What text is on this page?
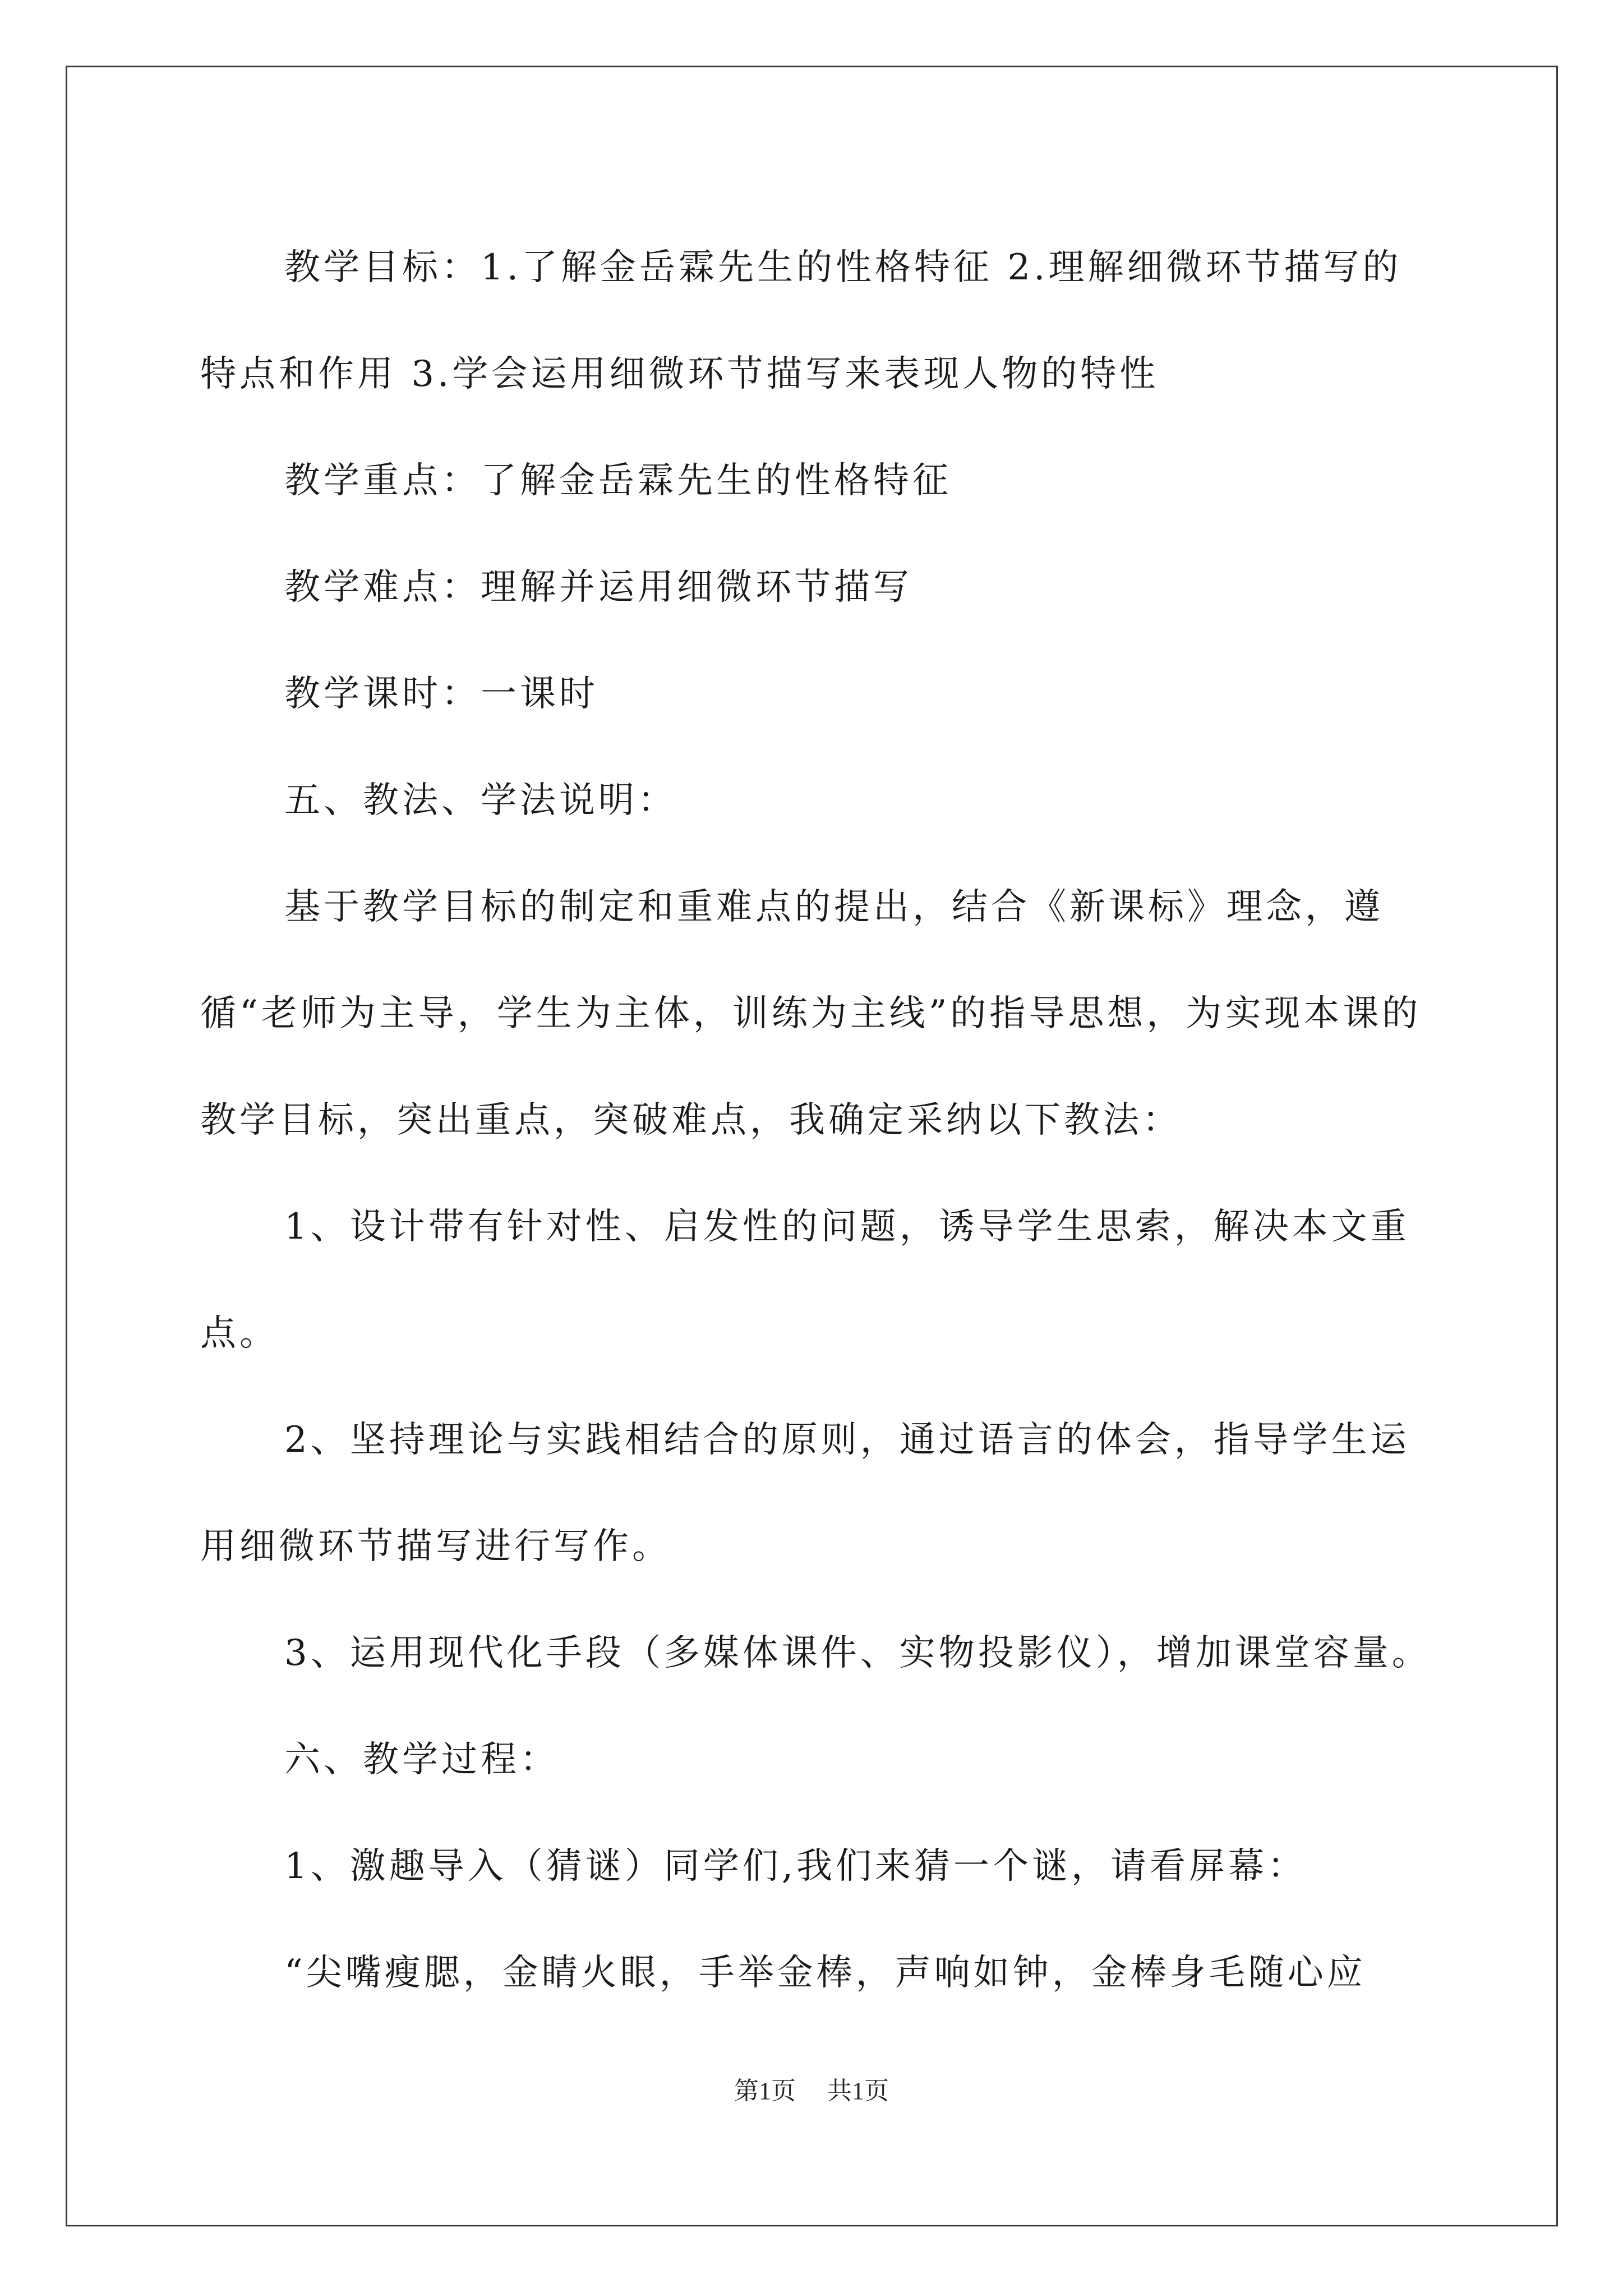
教学目标：1.了解金岳霖先生的性格特征 2.理解细微环节描写的特点和作用 3.学会运用细微环节描写来表现人物的特性

教学重点：了解金岳霖先生的性格特征

教学难点：理解并运用细微环节描写

教学课时：一课时

五、教法、学法说明：

基于教学目标的制定和重难点的提出，结合《新课标》理念，遵循“老师为主导，学生为主体，训练为主线”的指导思想，为实现本课的教学目标，突出重点，突破难点，我确定采纳以下教法：

1、设计带有针对性、启发性的问题，诱导学生思索，解决本文重点。

2、坚持理论与实践相结合的原则，通过语言的体会，指导学生运用细微环节描写进行写作。

3、运用现代化手段（多媒体课件、实物投影仪），增加课堂容量。

六、教学过程：

1、激趣导入（猜谜）同学们,我们来猜一个谜，请看屏幕：

“尖嘴瘦腮，金睛火眼，手举金棒，声响如钟，金棒身毛随心应

第1页 共1页
